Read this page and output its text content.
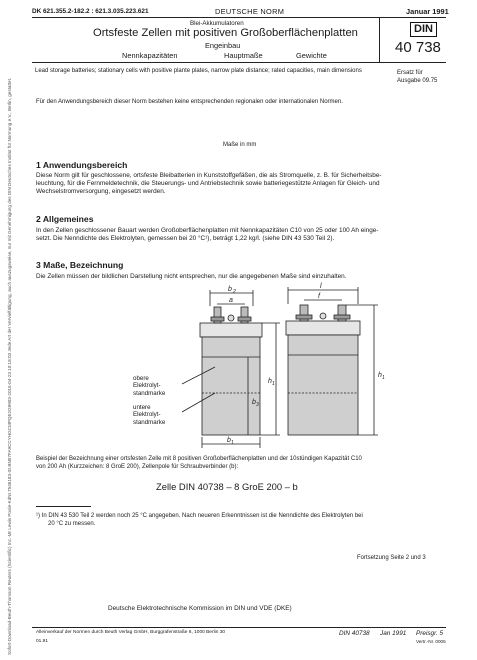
Sofort-Download-Beuth-Thomson Reuters (Scientific) Inc.-Mr Lewis Poole-KdNr.7546183-ID.BN07FA9CCYHGCMPQE2G9903-2015-04-23 10:18:03 Jede Art der Vervielfältigung, auch auszugsweise, nur mit Genehmigung des DIN Deutsches Institut für Normung e.V., Berlin, gestattet.
DK 621.355.2-182.2 : 621.3.035.223.621	DEUTSCHE NORM	Januar 1991
Blei-Akkumulatoren
Ortsfeste Zellen mit positiven Großoberflächenplatten
Engeinbau
Nennkapazitäten	Hauptmaße	Gewichte
DIN
40 738
Lead storage batteries; stationary cells with positive plante plates, narrow plate distance; rated capacities, main dimensions	Ersatz für
Ausgabe 09.75
Für den Anwendungsbereich dieser Norm bestehen keine entsprechenden regionalen oder internationalen Normen.
Maße in mm
1 Anwendungsbereich
Diese Norm gilt für geschlossene, ortsfeste Bleibatterien in Kunststoffgefäßen, die als Stromquelle, z. B. für Sicherheitsbe-
leuchtung, für die Fernmeldetechnik, die Steuerungs- und Antriebstechnik sowie batteriegestützte Anlagen für Gleich- und
Wechselstromversorgung, eingesetzt werden.
2 Allgemeines
In den Zellen geschlossener Bauart werden Großoberflächenplatten mit Nennkapazitäten C10 von 25 oder 100 Ah einge-
setzt. Die Nenndichte des Elektrolyten, gemessen bei 20 °C¹), beträgt 1,22 kg/l. (siehe DIN 43 530 Teil 2).
3 Maße, Bezeichnung
Die Zellen müssen der bildlichen Darstellung nicht entsprechen, nur die angegebenen Maße sind einzuhalten.
b 2
a
h 1
b 3
b 1
l
f
h 1
obere
Elektrolyt-
standmarke
untere
Elektrolyt-
standmarke
Beispiel der Bezeichnung einer ortsfesten Zelle mit 8 positiven Großoberflächenplatten und der 10stündigen Kapazität C10
von 200 Ah (Kurzzeichen: 8 GroE 200), Zellenpole für Schraubverbinder (b):
Zelle DIN 40738 – 8 GroE 200 – b
¹) In DIN 43 530 Teil 2 werden noch 25 °C angegeben. Nach neueren Erkenntnissen ist die Nenndichte des Elektrolyten bei
20 °C zu messen.
Fortsetzung Seite 2 und 3
Deutsche Elektrotechnische Kommission im DIN und VDE (DKE)
Alleinverkauf der Normen durch Beuth Verlag GmbH, Burggrafenstraße 6, 1000 Berlin 30
01.91
DIN 40738 Jan 1991 Preisgr. 5
Vertr.-Nr. 0005
